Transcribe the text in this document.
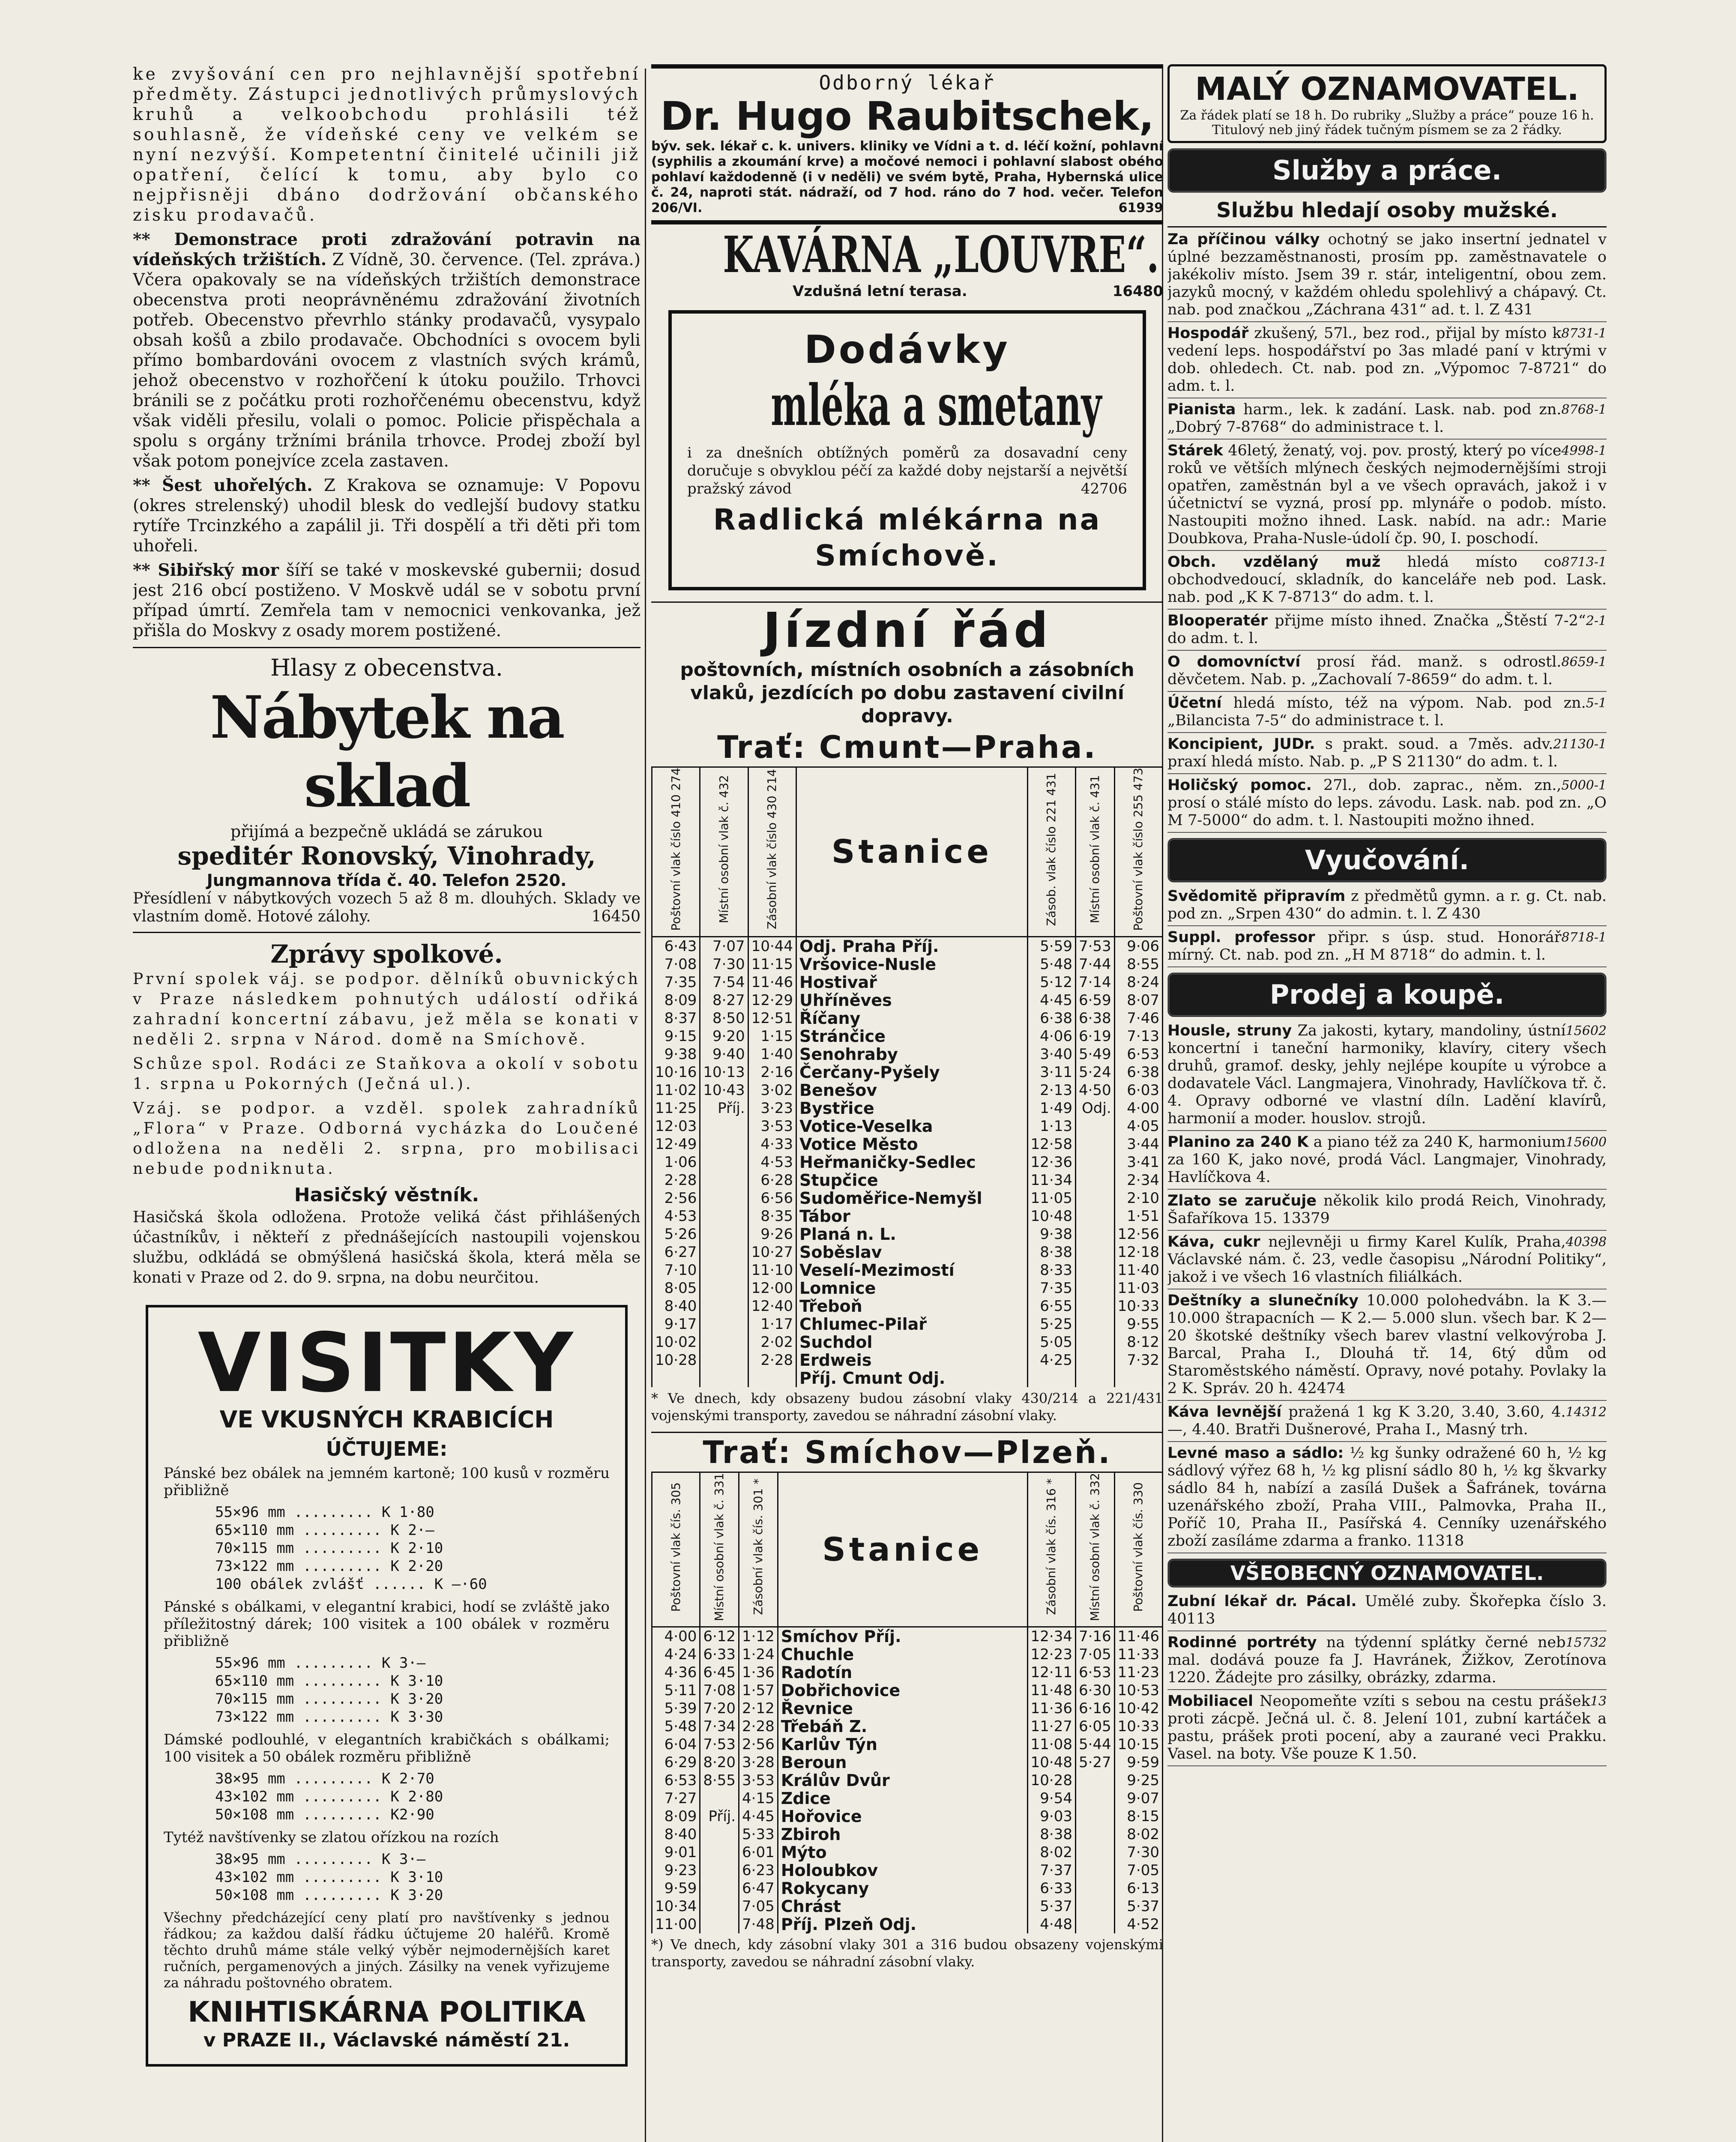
ke zvyšování cen pro nejhlavnější spotřební předměty. Zástupci jednotlivých průmyslových kruhů a velkoobchodu prohlásili též souhlasně, že vídeňské ceny ve velkém se nyní nezvýší. Kompetentní činitelé učinili již opatření, čelící k tomu, aby bylo co nejpřisněji dbáno dodržování občanského zisku prodavačů.

** Demonstrace proti zdražování potravin na vídeňských tržištích. Z Vídně, 30. července. (Tel. zpráva.) Včera opakovaly se na vídeňských tržištích demonstrace obecenstva proti neoprávněnému zdražování životních potřeb. Obecenstvo převrhlo stánky prodavačů, vysypalo obsah košů a zbilo prodavače. Obchodníci s ovocem byli přímo bombardováni ovocem z vlastních svých krámů, jehož obecenstvo v rozhořčení k útoku použilo. Trhovci bránili se z počátku proti rozhořčenému obecenstvu, když však viděli přesilu, volali o pomoc. Policie přispěchala a spolu s orgány tržními bránila trhovce. Prodej zboží byl však potom ponejvíce zcela zastaven.

** Šest uhořelých. Z Krakova se oznamuje: V Popovu (okres strelenský) uhodil blesk do vedlejší budovy statku rytíře Trcinzkého a zapálil ji. Tři dospělí a tři děti při tom uhořeli.

** Sibiřský mor šíří se také v moskevské gubernii; dosud jest 216 obcí postiženo. V Moskvě udál se v sobotu první případ úmrtí. Zemřela tam v nemocnici venkovanka, jež přišla do Moskvy z osady morem postižené.

Hlasy z obecenstva.
Nábytek na sklad
přijímá a bezpečně ukládá se zárukou
speditér Ronovský, Vinohrady,
Jungmannova třída č. 40. Telefon 2520.

Přesídlení v nábytkových vozech 5 až 8 m. dlouhých. Sklady ve vlastním domě. Hotové zálohy.	16450

Zprávy spolkové.

První spolek váj. se podpor. dělníků obuvnických v Praze následkem pohnutých událostí odřiká zahradní koncertní zábavu, jež měla se konati v neděli 2. srpna v Národ. domě na Smíchově.

Schůze spol. Rodáci ze Staňkova a okolí v sobotu 1. srpna u Pokorných (Ječná ul.).

Vzáj. se podpor. a vzděl. spolek zahradníků „Flora“ v Praze. Odborná vycházka do Loučené odložena na neděli 2. srpna, pro mobilisaci nebude podniknuta.

Hasičský věstník.

Hasičská škola odložena. Protože veliká část přihlášených účastníkův, i někteří z přednášejících nastoupili vojenskou službu, odkládá se obmýšlená hasičská škola, která měla se konati v Praze od 2. do 9. srpna, na dobu neurčitou.

VISITKY
VE VKUSNÝCH KRABICÍCH
ÚČTUJEME:

Pánské bez obálek na jemném kartoně; 100 kusů v rozměru přibližně

55×96 mm ......... K 1·80
65×110 mm ......... K 2·—
70×115 mm ......... K 2·10
73×122 mm ......... K 2·20
100 obálek zvlášť ...... K —·60

Pánské s obálkami, v elegantní krabici, hodí se zvláště jako příležitostný dárek; 100 visitek a 100 obálek v rozměru přibližně

55×96 mm ......... K 3·—
65×110 mm ......... K 3·10
70×115 mm ......... K 3·20
73×122 mm ......... K 3·30

Dámské podlouhlé, v elegantních krabičkách s obálkami; 100 visitek a 50 obálek rozměru přibližně

38×95 mm ......... K 2·70
43×102 mm ......... K 2·80
50×108 mm ......... K2·90

Tytéž navštívenky se zlatou ořízkou na rozích

38×95 mm ......... K 3·—
43×102 mm ......... K 3·10
50×108 mm ......... K 3·20

Všechny předcházející ceny platí pro navštívenky s jednou řádkou; za každou další řádku účtujeme 20 haléřů. Kromě těchto druhů máme stále velký výběr nejmodernějších karet ručních, pergamenových a jiných. Zásilky na venek vyřizujeme za náhradu poštovného obratem.

KNIHTISKÁRNA POLITIKA
v PRAZE II., Václavské náměstí 21.
Odborný lékař
Dr. Hugo Raubitschek,

býv. sek. lékař c. k. univers. kliniky ve Vídni a t. d. léčí kožní, pohlavní (syphilis a zkoumání krve) a močové nemoci i pohlavní slabost obého pohlaví každodenně (i v neděli) ve svém bytě, Praha, Hybernská ulice č. 24, naproti stát. nádraží, od 7 hod. ráno do 7 hod. večer. Telefon 206/VI.	61939

KAVÁRNA „LOUVRE“.
Vzdušná letní terasa.	16480
Dodávky
mléka a smetany

i za dnešních obtížných poměrů za dosavadní ceny doručuje s obvyklou péčí za každé doby nejstarší a největší pražský závod	42706

Radlická mlékárna na Smíchově.
Jízdní řád
poštovních, místních osobních a zásobních vlaků, jezdících po dobu zastavení civilní dopravy.
Trať: Cmunt—Praha.
Poštovní vlak číslo 410 274	Místní osobní vlak č. 432	Zásobní vlak číslo 430 214	Stanice	Zásob. vlak číslo 221 431	Místní osobní vlak č. 431	Poštovní vlak číslo 255 473
6·43	7·07	10·44	Odj. Praha Příj.	5·59	7·53	9·06
7·08	7·30	11·15	Vršovice-Nusle	5·48	7·44	8·55
7·35	7·54	11·46	Hostivař	5·12	7·14	8·24
8·09	8·27	12·29	Uhříněves	4·45	6·59	8·07
8·37	8·50	12·51	Říčany	6·38	6·38	7·46
9·15	9·20	1·15	Stránčice	4·06	6·19	7·13
9·38	9·40	1·40	Senohraby	3·40	5·49	6·53
10·16	10·13	2·16	Čerčany-Pyšely	3·11	5·24	6·38
11·02	10·43	3·02	Benešov	2·13	4·50	6·03
11·25	Příj.	3·23	Bystřice	1·49	Odj.	4·00
12·03		3·53	Votice-Veselka	1·13		4·05
12·49		4·33	Votice Město	12·58		3·44
1·06		4·53	Heřmaničky-Sedlec	12·36		3·41
2·28		6·28	Stupčice	11·34		2·34
2·56		6·56	Sudoměřice-Nemyšl	11·05		2·10
4·53		8·35	Tábor	10·48		1·51
5·26		9·26	Planá n. L.	9·38		12·56
6·27		10·27	Soběslav	8·38		12·18
7·10		11·10	Veselí-Mezimostí	8·33		11·40
8·05		12·00	Lomnice	7·35		11·03
8·40		12·40	Třeboň	6·55		10·33
9·17		1·17	Chlumec-Pilař	5·25		9·55
10·02		2·02	Suchdol	5·05		8·12
10·28		2·28	Erdweis	4·25		7·32
			Příj. Cmunt Odj.			

* Ve dnech, kdy obsazeny budou zásobní vlaky 430/214 a 221/431 vojenskými transporty, zavedou se náhradní zásobní vlaky.

Trať: Smíchov—Plzeň.
Poštovní vlak čís. 305	Místní osobní vlak č. 331	Zásobní vlak čís. 301 *	Stanice	Zásobní vlak čís. 316 *	Místní osobní vlak č. 332	Poštovní vlak čís. 330
4·00	6·12	1·12	Smíchov Příj.	12·34	7·16	11·46
4·24	6·33	1·24	Chuchle	12·23	7·05	11·33
4·36	6·45	1·36	Radotín	12·11	6·53	11·23
5·11	7·08	1·57	Dobřichovice	11·48	6·30	10·53
5·39	7·20	2·12	Řevnice	11·36	6·16	10·42
5·48	7·34	2·28	Třebáň Z.	11·27	6·05	10·33
6·04	7·53	2·56	Karlův Týn	11·08	5·44	10·15
6·29	8·20	3·28	Beroun	10·48	5·27	9·59
6·53	8·55	3·53	Králův Dvůr	10·28		9·25
7·27		4·15	Zdice	9·54		9·07
8·09	Příj.	4·45	Hořovice	9·03		8·15
8·40		5·33	Zbiroh	8·38		8·02
9·01		6·01	Mýto	8·02		7·30
9·23		6·23	Holoubkov	7·37		7·05
9·59		6·47	Rokycany	6·33		6·13
10·34		7·05	Chrást	5·37		5·37
11·00		7·48	Příj. Plzeň Odj.	4·48		4·52

*) Ve dnech, kdy zásobní vlaky 301 a 316 budou obsazeny vojenskými transporty, zavedou se náhradní zásobní vlaky.

MALÝ OZNAMOVATEL.
Za řádek platí se 18 h. Do rubriky „Služby a práce“ pouze 16 h. Titulový neb jiný řádek tučným písmem se za 2 řádky.
Služby a práce.
Službu hledají osoby mužské.

Za příčinou války ochotný se jako insertní jednatel v úplné bezzaměstnanosti, prosím pp. zaměstnavatele o jakékoliv místo. Jsem 39 r. stár, inteligentní, obou zem. jazyků mocný, v každém ohledu spolehlivý a chápavý. Ct. nab. pod značkou „Záchrana 431“ ad. t. l. Z 431

Hospodář	8731-1
zkušený, 57l., bez rod., přijal by místo k vedení leps. hospodářství po 3as mladé paní v ktrými v dob. ohledech. Ct. nab. pod zn. „Výpomoc 7-8721“ do adm. t. l.

Pianista	8768-1
harm., lek. k zadání. Lask. nab. pod zn. „Dobrý 7-8768“ do administrace t. l.

Stárek	4998-1
46letý, ženatý, voj. pov. prostý, který po více roků ve větších mlýnech českých nejmodernějšími stroji opatřen, zaměstnán byl a ve všech opravách, jakož i v účetnictví se vyzná, prosí pp. mlynáře o podob. místo. Nastoupiti možno ihned. Lask. nabíd. na adr.: Marie Doubkova, Praha-Nusle-údolí čp. 90, I. poschodí.

Obch. vzdělaný muž	8713-1
hledá místo co obchodvedoucí, skladník, do kanceláře neb pod. Lask. nab. pod „K K 7-8713“ do adm. t. l.

Blooperatér	2-1
přijme místo ihned. Značka „Štěstí 7-2“ do adm. t. l.

O domovníctví	8659-1
prosí řád. manž. s odrostl. děvčetem. Nab. p. „Zachovalí 7-8659“ do adm. t. l.

Účetní	5-1
hledá místo, též na výpom. Nab. pod zn. „Bilancista 7-5“ do administrace t. l.

Koncipient, JUDr.	21130-1
s prakt. soud. a 7měs. adv. praxí hledá místo. Nab. p. „P S 21130“ do adm. t. l.

Holičský pomoc.	5000-1
27l., dob. zaprac., něm. zn., prosí o stálé místo do leps. závodu. Lask. nab. pod zn. „O M 7-5000“ do adm. t. l. Nastoupiti možno ihned.

Vyučování.

Svědomitě připravím z předmětů gymn. a r. g. Ct. nab. pod zn. „Srpen 430“ do admin. t. l. Z 430

Suppl. professor	8718-1
připr. s úsp. stud. Honorář mírný. Ct. nab. pod zn. „H M 8718“ do admin. t. l.

Prodej a koupě.

Housle, struny	15602
Za jakosti, kytary, mandoliny, ústní koncertní i taneční harmoniky, klavíry, citery všech druhů, gramof. desky, jehly nejlépe koupíte u výrobce a dodavatele Václ. Langmajera, Vinohrady, Havlíčkova tř. č. 4. Opravy odborné ve vlastní díln. Ladění klavírů, harmonií a moder. houslov. strojů.

Planino za 240 K	15600
a piano též za 240 K, harmonium za 160 K, jako nové, prodá Václ. Langmajer, Vinohrady, Havlíčkova 4.

Zlato se zaručuje několik kilo prodá Reich, Vinohrady, Šafaříkova 15. 13379

Káva, cukr	40398
nejlevněji u firmy Karel Kulík, Praha, Václavské nám. č. 23, vedle časopisu „Národní Politiky“, jakož i ve všech 16 vlastních filiálkách.

Deštníky a slunečníky 10.000 polohedvábn. la K 3.— 10.000 štrapacních — K 2.— 5.000 slun. všech bar. K 2—20 škotské deštníky všech barev vlastní velkovýroba J. Barcal, Praha I., Dlouhá tř. 14, 6tý dům od Staroměstského náměstí. Opravy, nové potahy. Povlaky la 2 K. Správ. 20 h. 42474

Káva levnější	14312
pražená 1 kg K 3.20, 3.40, 3.60, 4.—, 4.40. Bratři Dušnerové, Praha I., Masný trh.

Levné maso a sádlo: ½ kg šunky odražené 60 h, ½ kg sádlový výřez 68 h, ½ kg plisní sádlo 80 h, ½ kg škvarky sádlo 84 h, nabízí a zasílá Dušek a Šafránek, továrna uzenářského zboží, Praha VIII., Palmovka, Praha II., Poříč 10, Praha II., Pasířská 4. Cenníky uzenářského zboží zasíláme zdarma a franko. 11318

VŠEOBECNÝ OZNAMOVATEL.

Zubní lékař dr. Pácal. Umělé zuby. Škořepka číslo 3. 40113

Rodinné portréty	15732
na týdenní splátky černé neb mal. dodává pouze fa J. Havránek, Žižkov, Zerotínova 1220. Žádejte pro zásilky, obrázky, zdarma.

Mobiliacel	13
Neopomeňte vzíti s sebou na cestu prášek proti zácpě. Ječná ul. č. 8. Jelení 101, zubní kartáček a pastu, prášek proti pocení, aby a zaurané veci Prakku. Vasel. na boty. Vše pouze K 1.50.
